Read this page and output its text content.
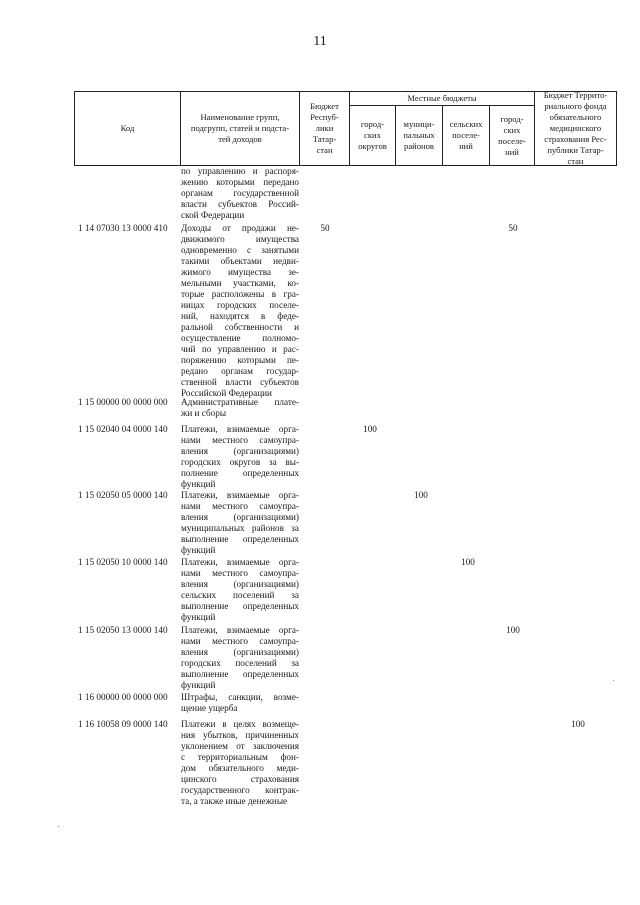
11
Код
Наименование групп,
подгрупп, статей и подста-
тей доходов
Бюджет
Респуб-
лики
Татар-
стан
Местные бюджеты
город-
ских
округов
муници-
пальных
районов
сельских
поселе-
ний
город-
ских
поселе-
ний
Бюджет Террито-
риального фонда
обязательного
медицинского
страхования Рес-
публики Татар-
стан
по управлению и распоря-
жению которыми передано
органам государственной
власти субъектов Россий-
ской Федерации
1 14 07030 13 0000 410 Доходы от продажи не-
движимого имущества
одновременно с занятыми
такими объектами недви-
жимого имущества зе-
мельными участками, ко-
торые расположены в гра-
ницах городских поселе-
ний, находятся в феде-
ральной собственности и
осуществление полномо-
чий по управлению и рас-
поряжению которыми пе-
редано органам государ-
ственной власти субъектов
Российской Федерации
50	50
1 15 00000 00 0000 000 Административные плате-
жи и сборы
1 15 02040 04 0000 140 Платежи, взимаемые орга-
нами местного самоупра-
вления (организациями)
городских округов за вы-
полнение определенных
функций
100
1 15 02050 05 0000 140 Платежи, взимаемые орга-
нами местного самоупра-
вления (организациями)
муниципальных районов за
выполнение определенных
функций
100
1 15 02050 10 0000 140 Платежи, взимаемые орга-
нами местного самоупра-
вления (организациями)
сельских поселений за
выполнение определенных
функций
100
1 15 02050 13 0000 140 Платежи, взимаемые орга-
нами местного самоупра-
вления (организациями)
городских поселений за
выполнение определенных
функций
100
1 16 00000 00 0000 000 Штрафы, санкции, возме-
щение ущерба
1 16 10058 09 0000 140 Платежи в целях возмеще-
ния убытков, причиненных
уклонением от заключения
с территориальным фон-
дом обязательного меди-
цинского страхования
государственного контрак-
та, а также иные денежные
100
